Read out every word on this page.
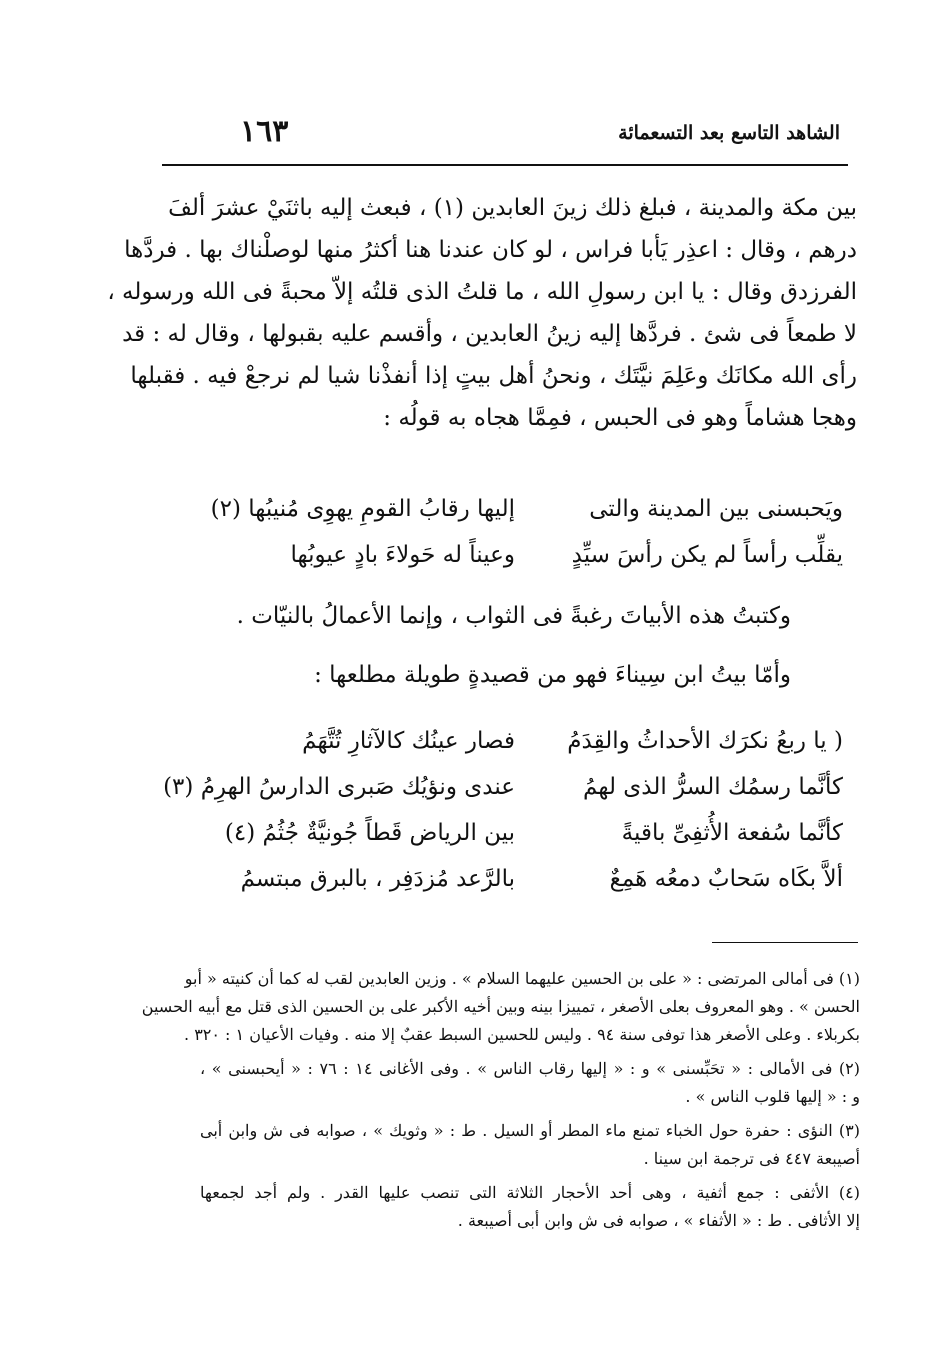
الشاهد التاسع بعد التسعمائة
١٦٣
بين مكة والمدينة ، فبلغ ذلك زينَ العابدين (١) ، فبعث إليه باثنَيْ عشرَ ألفَ
درهم ، وقال : اعذِر يَأبا فراس ، لو كان عندنا هنا أكثرُ منها لوصلْناك بها . فردَّها
الفرزدق وقال : يا ابن رسولِ الله ، ما قلتُ الذى قلتُه إلاّ محبةً فى الله ورسوله ،
لا طمعاً فى شئ . فردَّها إليه زينُ العابدين ، وأقسم عليه بقبولها ، وقال له : قد
رأى الله مكانَك وعَلِمَ نيَّتَك ، ونحنُ أهل بيتٍ إذا أنفذْنا شيا لم نرجعْ فيه . فقبلها
وهجا هشاماً وهو فى الحبس ، فمِمَّا هجاه به قولُه :
ويَحبسنى بين المدينة والتى
إليها رقابُ القومِ يهوِى مُنيبُها (٢)
يقلِّب رأساً لم يكن رأسَ سيِّدٍ
وعيناً له حَولاءَ بادٍ عيوبُها
وكتبتُ هذه الأبياتَ رغبةً فى الثواب ، وإنما الأعمالُ بالنيّات .
وأمّا بيتُ ابن سِيناءَ فهو من قصيدةٍ طويلة مطلعها :
( يا ربعُ نكرَك الأحداثُ والقِدَمُ
فصار عينُك كالآثارِ تُتَّهَمُ
كأنَّما رسمُك السرُّ الذى لهمُ
عندى ونؤيُك صَبرى الدارسُ الهرِمُ (٣)
كأنَّما سُفعة الأُثفِىِّ باقيةً
بين الرياض قَطاً جُونيَّةٌ جُثُمُ (٤)
ألاَّ بكَاه سَحابٌ دمعُه هَمِعٌ
بالرَّعد مُزدَفِر ، بالبرق مبتسمُ
(١) فى أمالى المرتضى : « على بن الحسين عليهما السلام » . وزين العابدين لقب له كما أن كنيته « أبو
الحسن » . وهو المعروف بعلى الأصغر ، تمييزا بينه وبين أخيه الأكبر على بن الحسين الذى قتل مع أبيه الحسين
بكربلاء . وعلى الأصغر هذا توفى سنة ٩٤ . وليس للحسين السبط عقبٌ إلا منه . وفيات الأعيان ١ : ٣٢٠ .
(٢) فى الأمالى : « تحَبِّسنى » و : « إليها رقاب الناس » . وفى الأغانى ١٤ : ٧٦ : « أيحبسنى » ،
و : « إليها قلوب الناس » .
(٣) النؤى : حفرة حول الخباء تمنع ماء المطر أو السيل . ط : « وثويك » ، صوابه فى ش وابن أبى
أصيبعة ٤٤٧ فى ترجمة ابن سينا .
(٤) الأثفى : جمع أثفية ، وهى أحد الأحجار الثلاثة التى تنصب عليها القدر . ولم أجد لجمعها
إلا الأثافى . ط : « الأثفاء » ، صوابه فى ش وابن أبى أصيبعة .
